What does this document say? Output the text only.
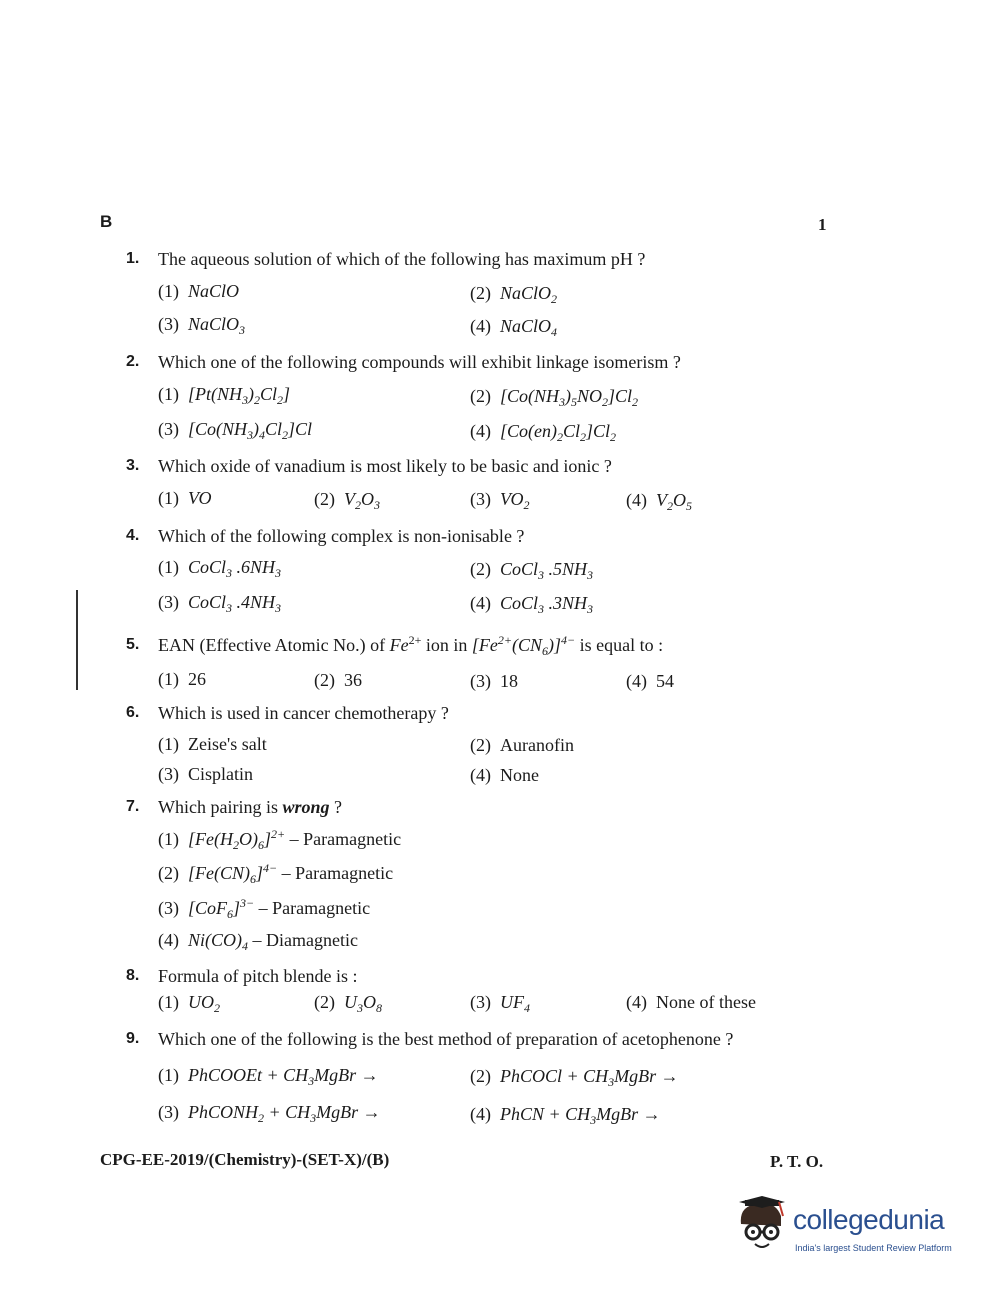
B	1
1. The aqueous solution of which of the following has maximum pH ?
(1) NaClO	(2) NaClO$_2$
(3) NaClO$_3$	(4) NaClO$_4$
2. Which one of the following compounds will exhibit linkage isomerism ?
(1) $[Pt(NH_3)_2Cl_2]$	(2) $[Co(NH_3)_5NO_2]Cl_2$
(3) $[Co(NH_3)_4Cl_2]Cl$	(4) $[Co(en)_2Cl_2]Cl_2$
3. Which oxide of vanadium is most likely to be basic and ionic ?
(1) VO	(2) $V_2O_3$	(3) $VO_2$	(4) $V_2O_5$
4. Which of the following complex is non-ionisable ?
(1) CoCl$_3$ $.6NH_3$	(2) CoCl$_3$ $.5NH_3$
(3) CoCl$_3$ $.4NH_3$	(4) CoCl$_3$ $.3NH_3$
5. EAN (Effective Atomic No.) of $Fe^{2+}$ ion in $[Fe^{2+}(CN_6)]^{4-}$ is equal to :
(1) 26	(2) 36	(3) 18	(4) 54
6. Which is used in cancer chemotherapy ?
(1) Zeise's salt	(2) Auranofin
(3) Cisplatin	(4) None
7. Which pairing is wrong ?
(1) $[Fe(H_2O)_6]^{2+}$ – Paramagnetic
(2) $[Fe(CN)_6]^{4-}$ – Paramagnetic
(3) $[CoF_6]^{3-}$ – Paramagnetic
(4) $Ni(CO)_4$ – Diamagnetic
8. Formula of pitch blende is :
(1) $UO_2$	(2) $U_3O_8$	(3) $UF_4$	(4) None of these
9. Which one of the following is the best method of preparation of acetophenone ?
(1) PhCOOEt + $CH_3MgBr$ →	(2) PhCOCl + $CH_3MgBr$ →
(3) PhCONH$_2$ + $CH_3MgBr$ →	(4) PhCN + $CH_3MgBr$ →
CPG-EE-2019/(Chemistry)-(SET-X)/(B)	P. T. O.
collegedunia
India's largest Student Review Platform
